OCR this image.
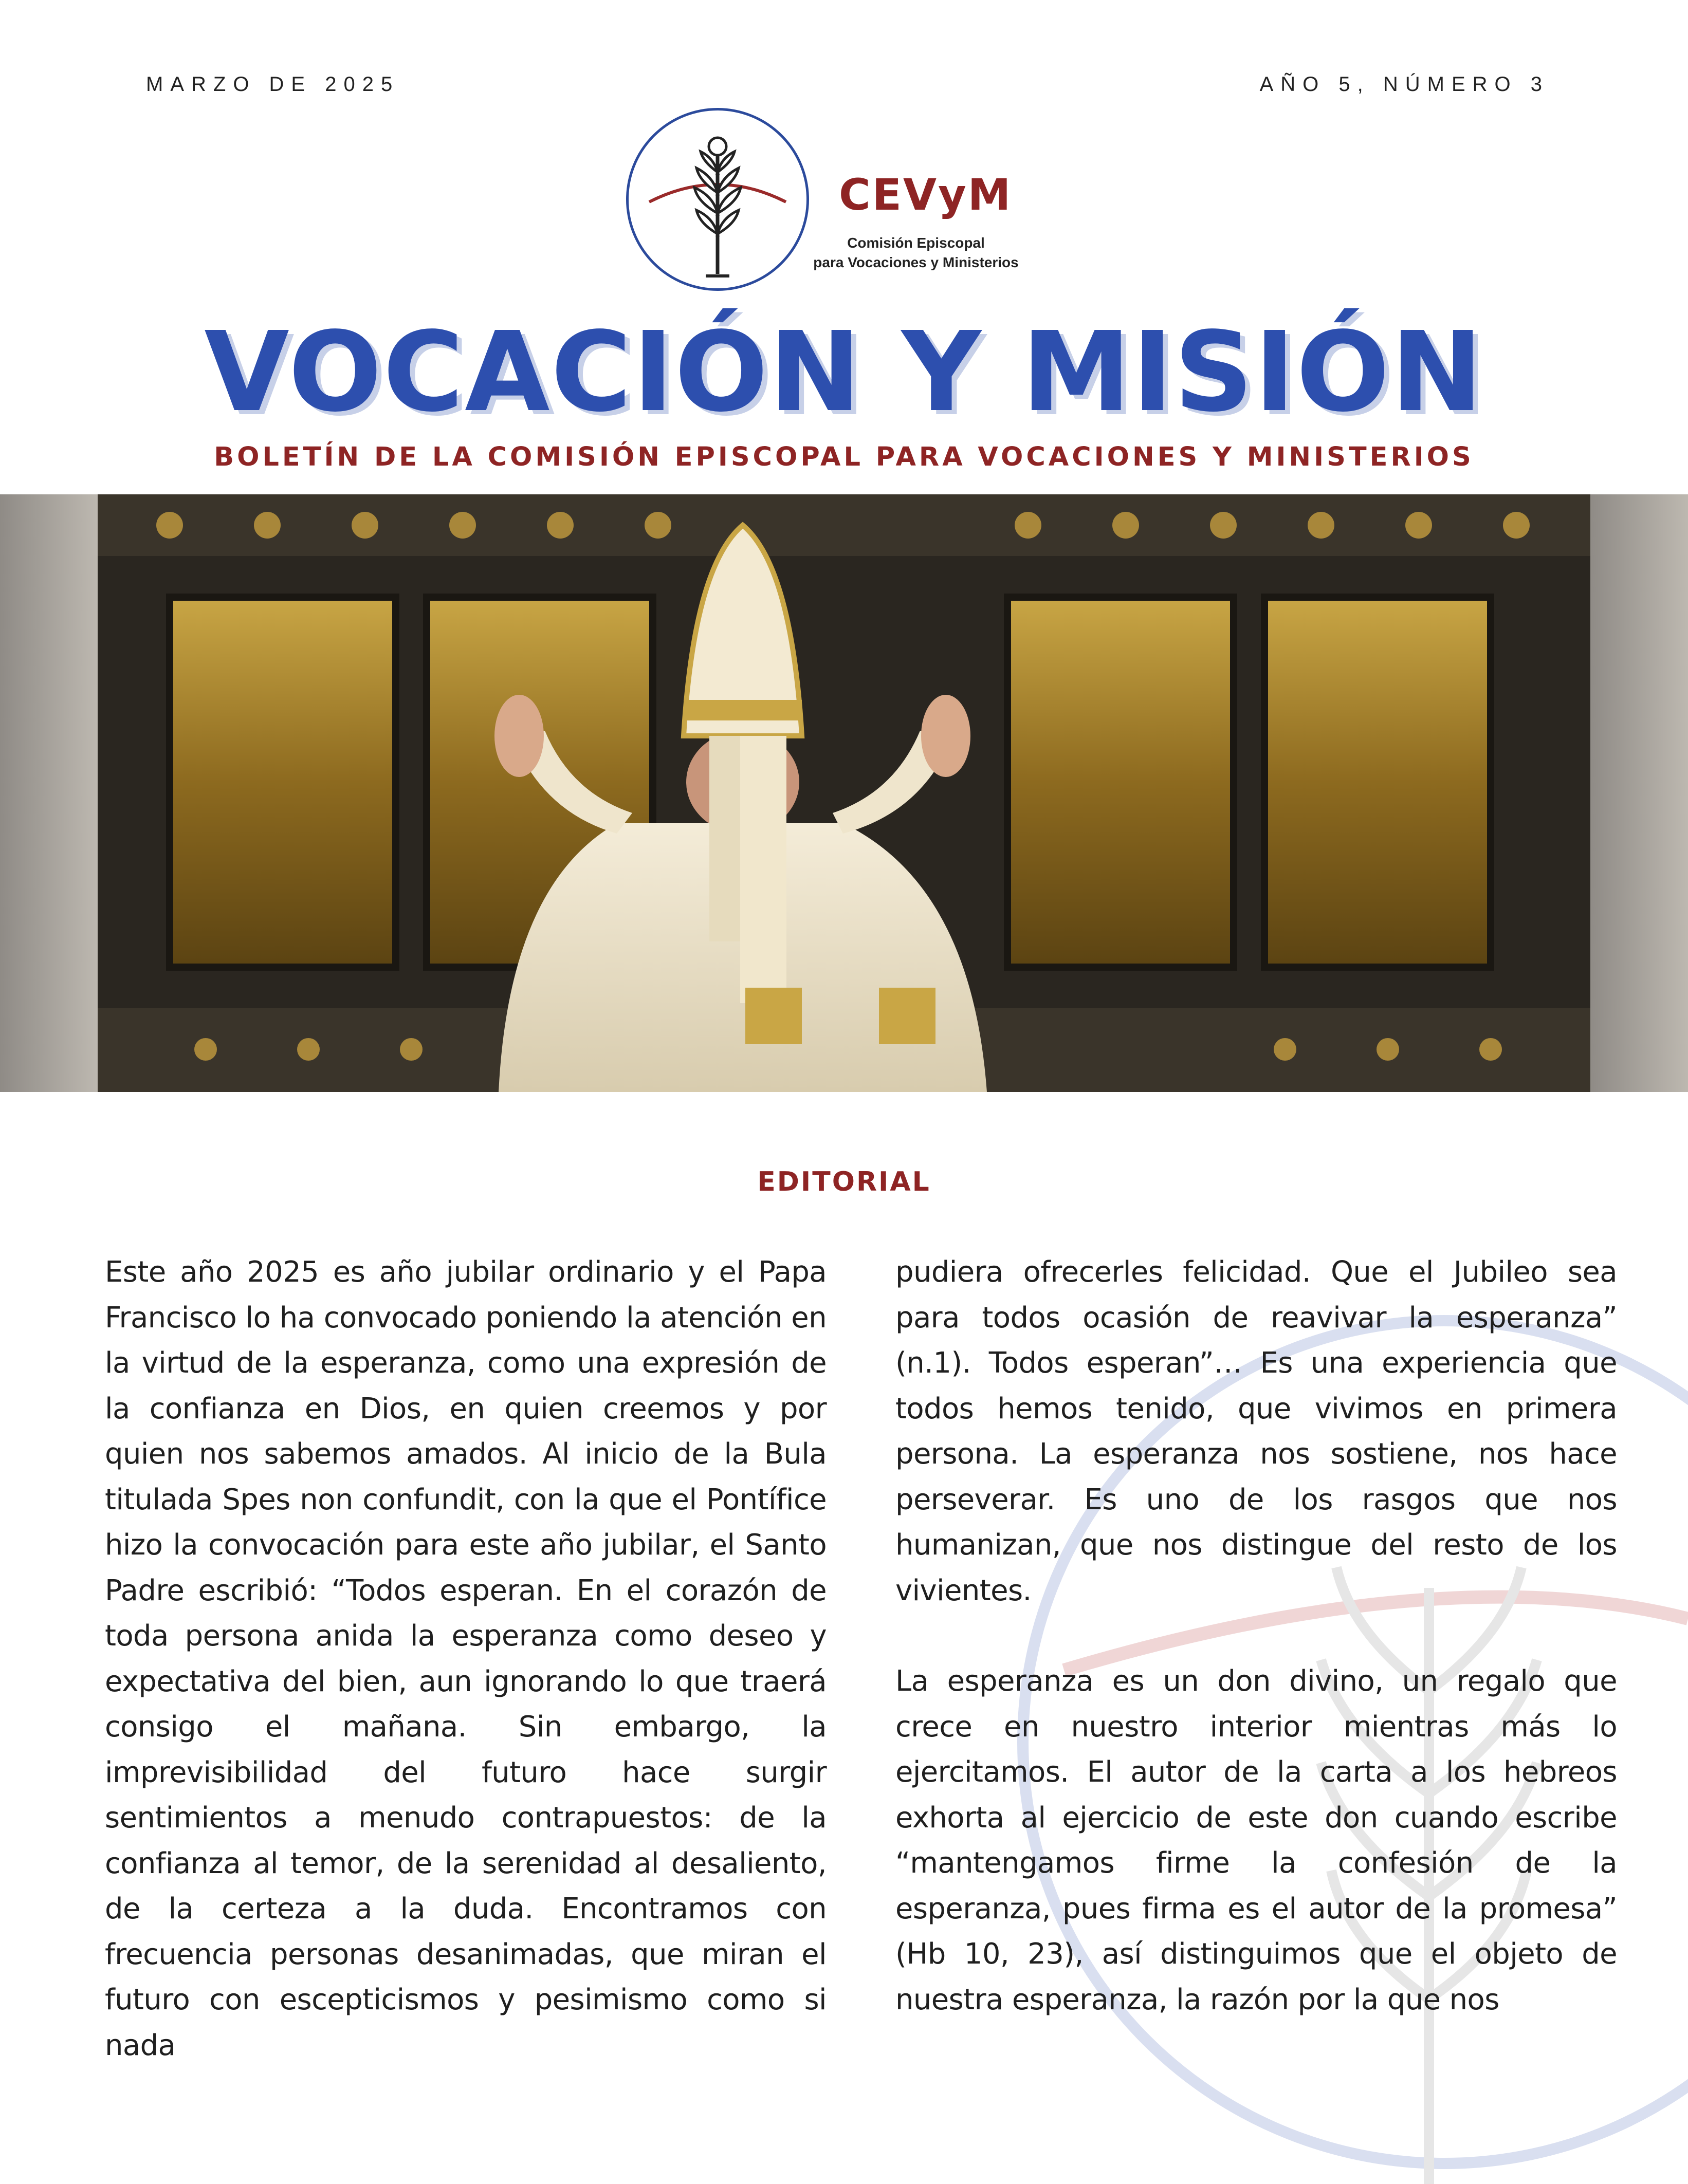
MARZO DE 2025	AÑO 5, NÚMERO 3
CEVyM
Comisión Episcopal
para Vocaciones y Ministerios
VOCACIÓN Y MISIÓN
BOLETÍN DE LA COMISIÓN EPISCOPAL PARA VOCACIONES Y MINISTERIOS
EDITORIAL

Este año 2025 es año jubilar ordinario y el Papa Francisco lo ha convocado poniendo la atención en la virtud de la esperanza, como una expresión de la confianza en Dios, en quien creemos y por quien nos sabemos amados. Al inicio de la Bula titulada Spes non confundit, con la que el Pontífice hizo la convocación para este año jubilar, el Santo Padre escribió: “Todos esperan. En el corazón de toda persona anida la esperanza como deseo y expectativa del bien, aun ignorando lo que traerá consigo el mañana. Sin embargo, la imprevisibilidad del futuro hace surgir sentimientos a menudo contrapuestos: de la confianza al temor, de la serenidad al desaliento, de la certeza a la duda. Encontramos con frecuencia personas desanimadas, que miran el futuro con escepticismos y pesimismo como si nada

pudiera ofrecerles felicidad. Que el Jubileo sea para todos ocasión de reavivar la esperanza” (n.1). Todos esperan”… Es una experiencia que todos hemos tenido, que vivimos en primera persona. La esperanza nos sostiene, nos hace perseverar. Es uno de los rasgos que nos humanizan, que nos distingue del resto de los vivientes.

La esperanza es un don divino, un regalo que crece en nuestro interior mientras más lo ejercitamos. El autor de la carta a los hebreos exhorta al ejercicio de este don cuando escribe “mantengamos firme la confesión de la esperanza, pues firma es el autor de la promesa” (Hb 10, 23), así distinguimos que el objeto de nuestra esperanza, la razón por la que nos
